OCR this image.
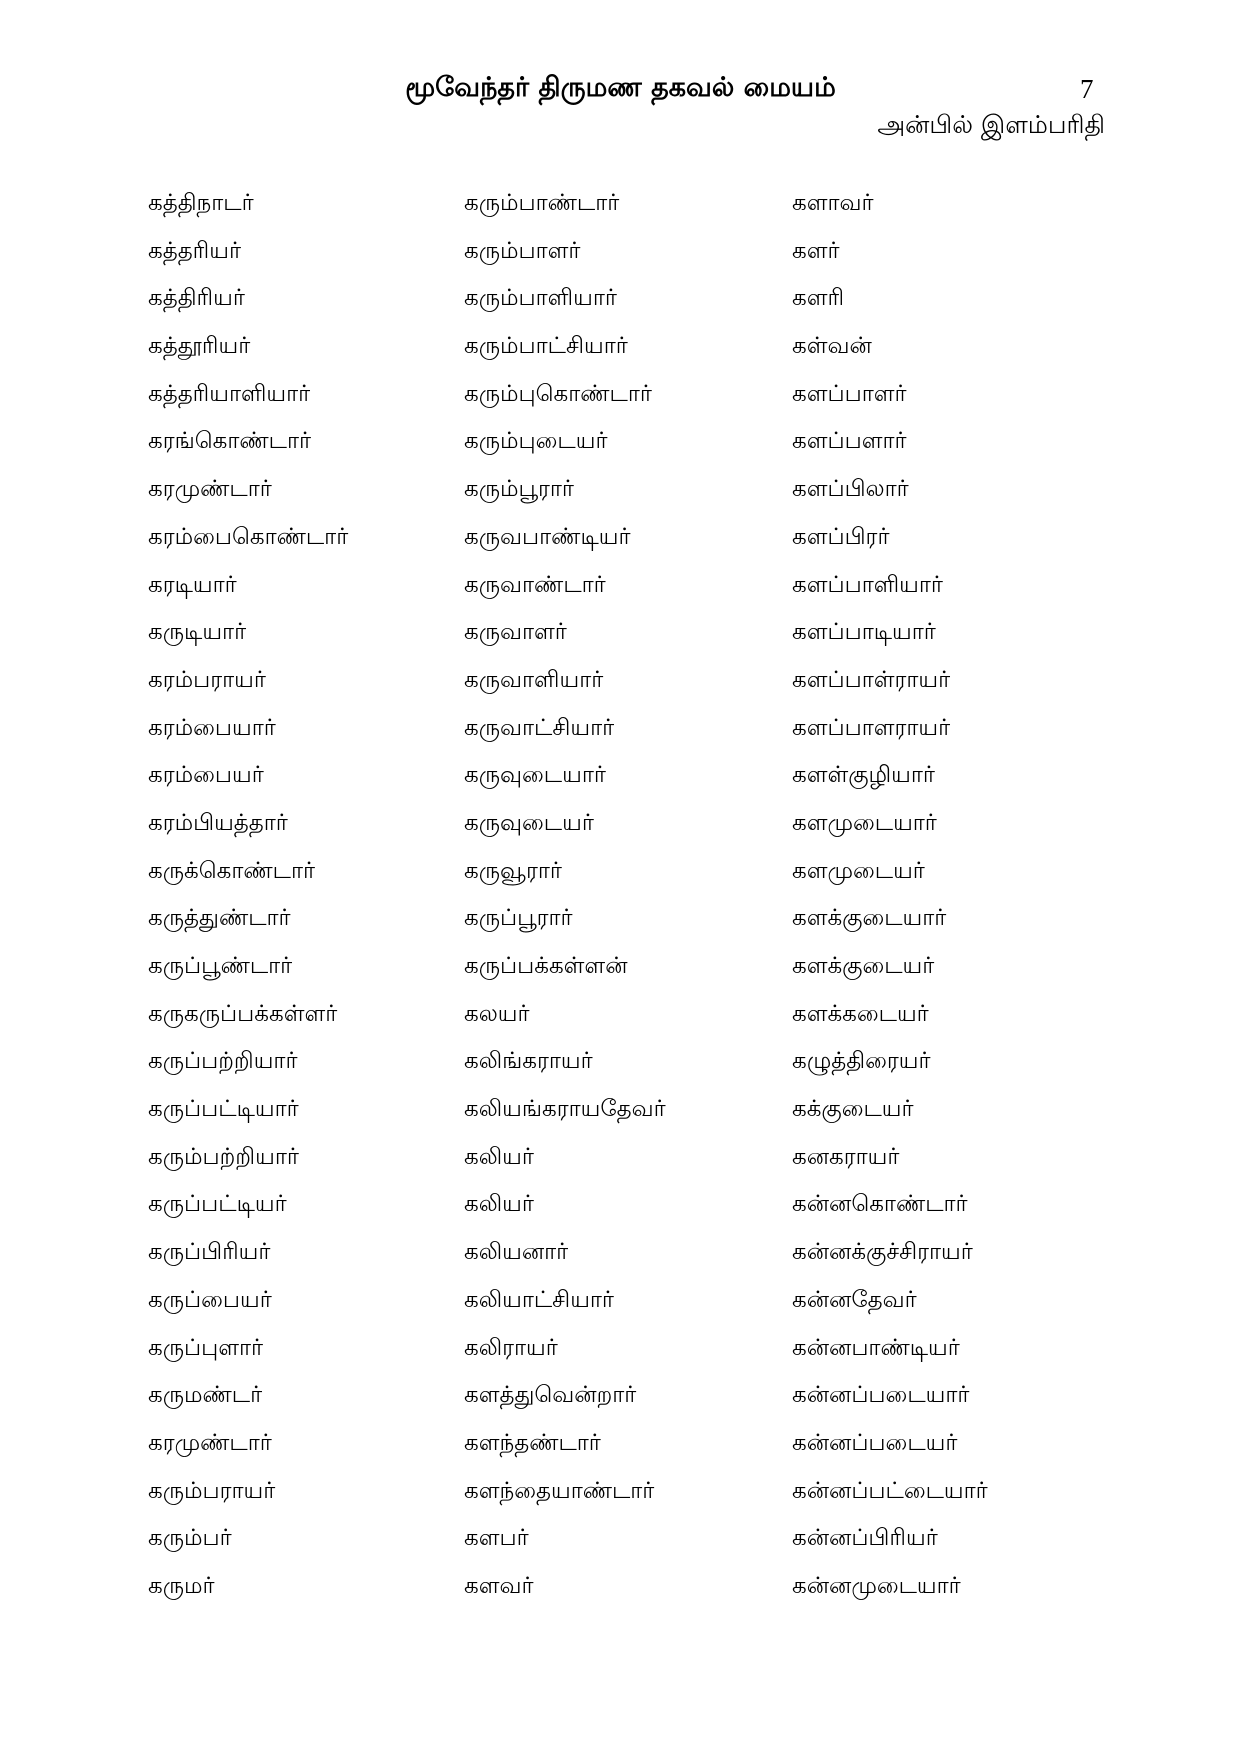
மூவேந்தர் திருமண தகவல் மையம்	7
அன்பில் இளம்பரிதி
கத்திநாடர்
கத்தரியர்
கத்திரியர்
கத்தூரியர்
கத்தரியாளியார்
கரங்கொண்டார்
கரமுண்டார்
கரம்பைகொண்டார்
கரடியார்
கருடியார்
கரம்பராயர்
கரம்பையார்
கரம்பையர்
கரம்பியத்தார்
கருக்கொண்டார்
கருத்துண்டார்
கருப்பூண்டார்
கருகருப்பக்கள்ளர்
கருப்பற்றியார்
கருப்பட்டியார்
கரும்பற்றியார்
கருப்பட்டியர்
கருப்பிரியர்
கருப்பையர்
கருப்புளார்
கருமண்டர்
கரமுண்டார்
கரும்பராயர்
கரும்பர்
கருமர்
கரும்பாண்டார்
கரும்பாளர்
கரும்பாளியார்
கரும்பாட்சியார்
கரும்புகொண்டார்
கரும்புடையர்
கரும்பூரார்
கருவபாண்டியர்
கருவாண்டார்
கருவாளர்
கருவாளியார்
கருவாட்சியார்
கருவுடையார்
கருவுடையர்
கருவூரார்
கருப்பூரார்
கருப்பக்கள்ளன்
கலயர்
கலிங்கராயர்
கலியங்கராயதேவர்
கலியர்
கலியர்
கலியனார்
கலியாட்சியார்
கலிராயர்
களத்துவென்றார்
களந்தண்டார்
களந்தையாண்டார்
களபர்
களவர்
களாவர்
களர்
களரி
கள்வன்
களப்பாளர்
களப்பளார்
களப்பிலார்
களப்பிரர்
களப்பாளியார்
களப்பாடியார்
களப்பாள்ராயர்
களப்பாளராயர்
களள்குழியார்
களமுடையார்
களமுடையர்
களக்குடையார்
களக்குடையர்
களக்கடையர்
கழுத்திரையர்
கக்குடையர்
கனகராயர்
கன்னகொண்டார்
கன்னக்குச்சிராயர்
கன்னதேவர்
கன்னபாண்டியர்
கன்னப்படையார்
கன்னப்படையர்
கன்னப்பட்டையார்
கன்னப்பிரியர்
கன்னமுடையார்
